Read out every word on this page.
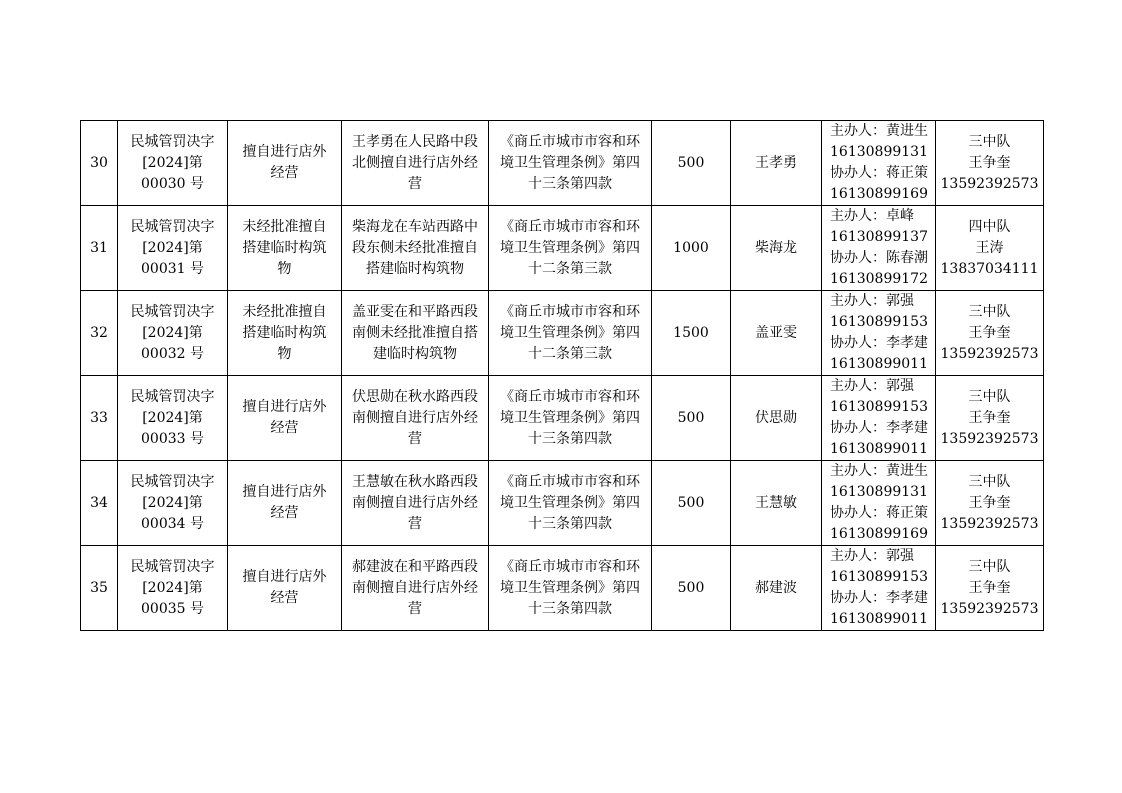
30	民城管罚决字
[2024]第
00030 号	擅自进行店外
经营	王孝勇在人民路中段
北侧擅自进行店外经
营	《商丘市城市市容和环
境卫生管理条例》第四
十三条第四款	500	王孝勇	主办人：黄进生
16130899131
协办人：蒋正策
16130899169	三中队
王争奎
13592392573

31	民城管罚决字
[2024]第
00031 号	未经批准擅自
搭建临时构筑
物	柴海龙在车站西路中
段东侧未经批准擅自
搭建临时构筑物	《商丘市城市市容和环
境卫生管理条例》第四
十二条第三款	1000	柴海龙	主办人：卓峰
16130899137
协办人：陈春潮
16130899172	四中队
王涛
13837034111

32	民城管罚决字
[2024]第
00032 号	未经批准擅自
搭建临时构筑
物	盖亚雯在和平路西段
南侧未经批准擅自搭
建临时构筑物	《商丘市城市市容和环
境卫生管理条例》第四
十二条第三款	1500	盖亚雯	主办人：郭强
16130899153
协办人：李孝建
16130899011	三中队
王争奎
13592392573

33	民城管罚决字
[2024]第
00033 号	擅自进行店外
经营	伏思勋在秋水路西段
南侧擅自进行店外经
营	《商丘市城市市容和环
境卫生管理条例》第四
十三条第四款	500	伏思勋	主办人：郭强
16130899153
协办人：李孝建
16130899011	三中队
王争奎
13592392573

34	民城管罚决字
[2024]第
00034 号	擅自进行店外
经营	王慧敏在秋水路西段
南侧擅自进行店外经
营	《商丘市城市市容和环
境卫生管理条例》第四
十三条第四款	500	王慧敏	主办人：黄进生
16130899131
协办人：蒋正策
16130899169	三中队
王争奎
13592392573

35	民城管罚决字
[2024]第
00035 号	擅自进行店外
经营	郝建波在和平路西段
南侧擅自进行店外经
营	《商丘市城市市容和环
境卫生管理条例》第四
十三条第四款	500	郝建波	主办人：郭强
16130899153
协办人：李孝建
16130899011	三中队
王争奎
13592392573
